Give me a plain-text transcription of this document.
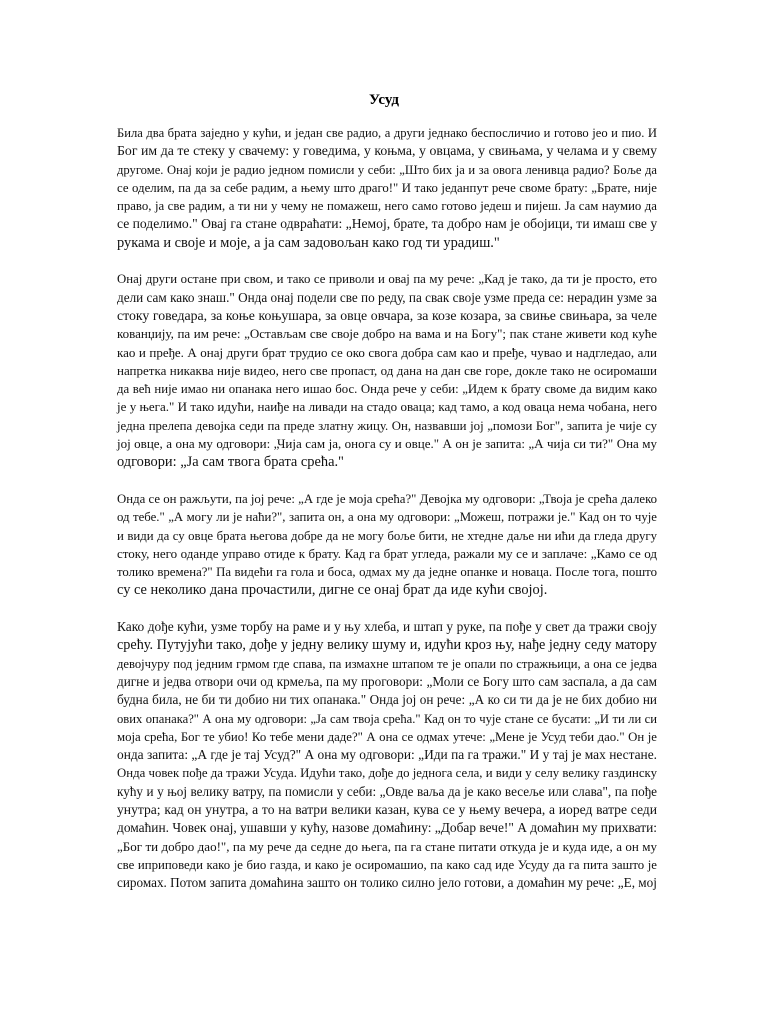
Усуд
Била два брата заједно у кући, и један све радио, а други једнако беспосличио и готово јео и пио. И
Бог им да те стеку у свачему: у говедима, у коњма, у овцама, у свињама, у челама и у свему
другоме. Онај који је радио једном помисли у себи: „Што бих ја и за овога ленивца радио? Боље да
се оделим, па да за себе радим, а њему што драго!" И тако једанпут рече своме брату: „Брате, није
право, ја све радим, а ти ни у чему не помажеш, него само готово једеш и пијеш. Ја сам наумио да
се поделимо." Овај га стане одвраћати: „Немој, брате, та добро нам је обојици, ти имаш све у
рукама и своје и моје, а ја сам задовољан како год ти урадиш."
Онај други остане при свом, и тако се приволи и овај па му рече: „Кад је тако, да ти је просто, ето
дели сам како знаш." Онда онај подели све по реду, па свак своје узме преда се: нерадин узме за
стоку говедара, за коње коњушара, за овце овчара, за козе козара, за свиње свињара, за челе
кованџију, па им рече: „Остављам све своје добро на вама и на Богу"; пак стане живети код куће
као и пређе. А онај други брат трудио се око свога добра сам као и пређе, чувао и надгледао, али
напретка никаква није видео, него све пропаст, од дана на дан све горе, докле тако не осиромаши
да већ није имао ни опанака него ишао бос. Онда рече у себи: „Идем к брату своме да видим како
је у њега." И тако идући, наиђе на ливади на стадо оваца; кад тамо, а код оваца нема чобана, него
једна прелепа девојка седи па преде златну жицу. Он, назвавши јој „помози Бог", запита је чије су
јој овце, а она му одговори: „Чија сам ја, онога су и овце." А он је запита: „А чија си ти?" Она му
одговори: „Ја сам твога брата срећа."
Онда се он ражљути, па јој рече: „А где је моја срећа?" Девојка му одговори: „Твоја је срећа далеко
од тебе." „А могу ли је наћи?", запита он, а она му одговори: „Можеш, потражи је." Кад он то чује
и види да су овце брата његова добре да не могу боље бити, не хтедне даље ни ићи да гледа другу
стоку, него оданде управо отиде к брату. Кад га брат угледа, ражали му се и заплаче: „Камо се од
толико времена?" Па видећи га гола и боса, одмах му да једне опанке и новаца. После тога, пошто
су се неколико дана прочастили, дигне се онај брат да иде кући својој.
Како дође кући, узме торбу на раме и у њу хлеба, и штап у руке, па пође у свет да тражи своју
срећу. Путујући тако, дође у једну велику шуму и, идући кроз њу, нађе једну седу матору
девојчуру под једним грмом где спава, па измахне штапом те је опали по стражњици, а она се једва
дигне и једва отвори очи од крмеља, па му проговори: „Моли се Богу што сам заспала, а да сам
будна била, не би ти добио ни тих опанака." Онда јој он рече: „А ко си ти да је не бих добио ни
ових опанака?" А она му одговори: „Ја сам твоја срећа." Кад он то чује стане се бусати: „И ти ли си
моја срећа, Бог те убио! Ко тебе мени даде?" А она се одмах утече: „Мене је Усуд теби дао." Он је
онда запита: „А где је тај Усуд?" А она му одговори: „Иди па га тражи." И у тај је мах нестане.
Онда човек пође да тражи Усуда. Идући тако, дође до једнога села, и види у селу велику газдинску
кућу и у њој велику ватру, па помисли у себи: „Овде ваља да је како весеље или слава", па пође
унутра; кад он унутра, а то на ватри велики казан, кува се у њему вечера, а иоред ватре седи
домаћин. Човек онај, ушавши у кућу, назове домаћину: „Добар вече!" А домаћин му прихвати:
„Бог ти добро дао!", па му рече да седне до њега, па га стане питати откуда је и куда иде, а он му
све иприповеди како је био газда, и како је осиромашио, па како сад иде Усуду да га пита зашто је
сиромах. Потом запита домаћина зашто он толико силно јело готови, а домаћин му рече: „Е, мој
